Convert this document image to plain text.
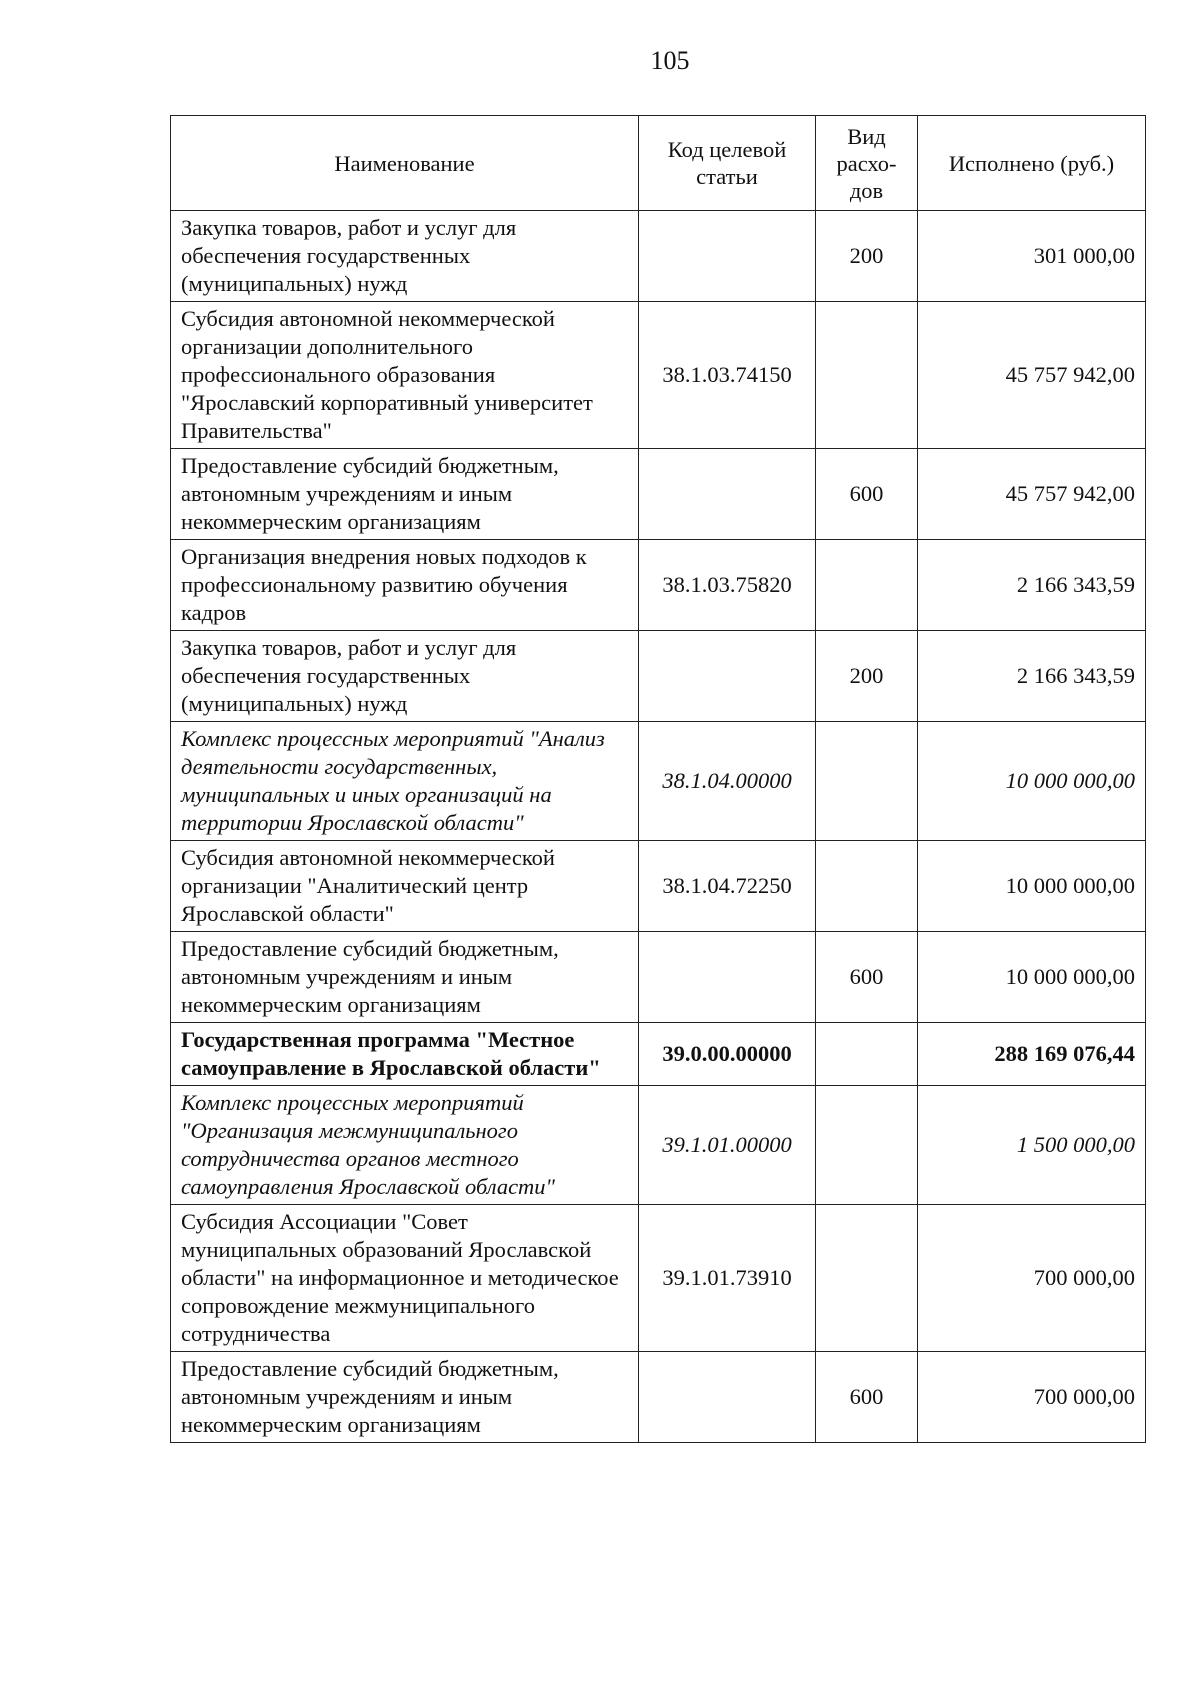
105
Наименование	Код целевой статьи	Вид расхо-дов	Исполнено (руб.)
Закупка товаров, работ и услуг для обеспечения государственных (муниципальных) нужд		200	301 000,00
Субсидия автономной некоммерческой организации дополнительного профессионального образования "Ярославский корпоративный университет Правительства"	38.1.03.74150		45 757 942,00
Предоставление субсидий бюджетным, автономным учреждениям и иным некоммерческим организациям		600	45 757 942,00
Организация внедрения новых подходов к профессиональному развитию обучения кадров	38.1.03.75820		2 166 343,59
Закупка товаров, работ и услуг для обеспечения государственных (муниципальных) нужд		200	2 166 343,59
Комплекс процессных мероприятий "Анализ деятельности государственных, муниципальных и иных организаций на территории Ярославской области"	38.1.04.00000		10 000 000,00
Субсидия автономной некоммерческой организации "Аналитический центр Ярославской области"	38.1.04.72250		10 000 000,00
Предоставление субсидий бюджетным, автономным учреждениям и иным некоммерческим организациям		600	10 000 000,00
Государственная программа "Местное самоуправление в Ярославской области"	39.0.00.00000		288 169 076,44
Комплекс процессных мероприятий "Организация межмуниципального сотрудничества органов местного самоуправления Ярославской области"	39.1.01.00000		1 500 000,00
Субсидия Ассоциации "Совет муниципальных образований Ярославской области" на информационное и методическое сопровождение межмуниципального сотрудничества	39.1.01.73910		700 000,00
Предоставление субсидий бюджетным, автономным учреждениям и иным некоммерческим организациям		600	700 000,00
